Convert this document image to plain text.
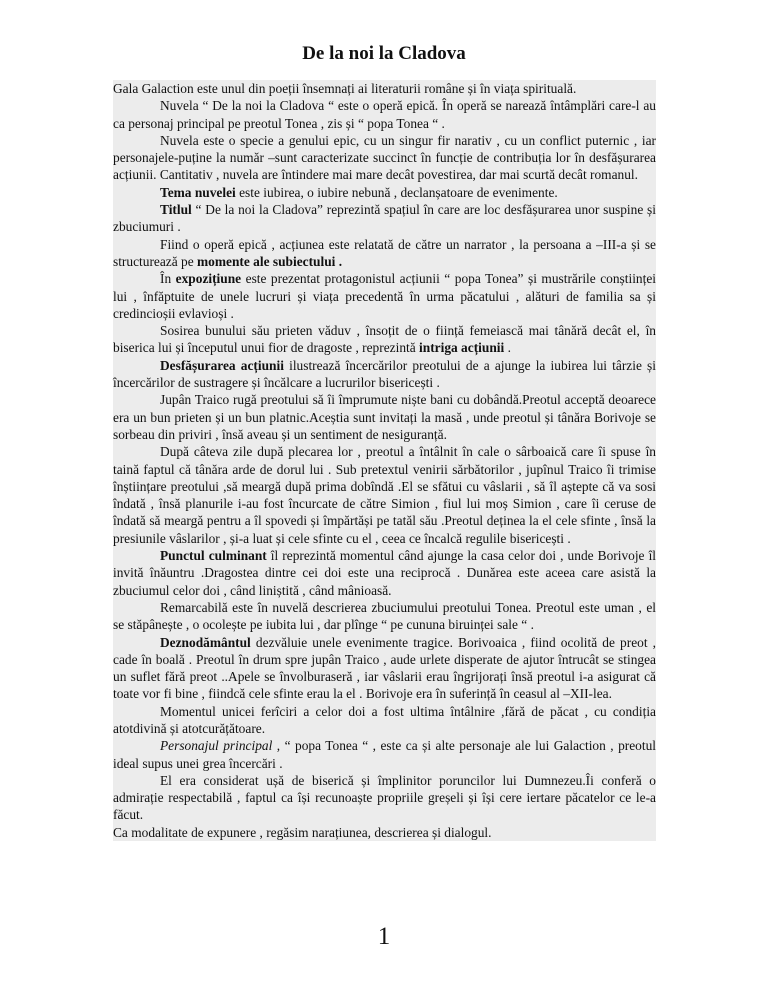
De la noi la Cladova

Gala Galaction este unul din poeții însemnați ai literaturii române și în viața spirituală.

Nuvela “ De la noi la Cladova “ este o operă epică. În operă se narează întâmplări care-l au ca personaj principal pe preotul Tonea , zis și “ popa Tonea “ .

Nuvela este o specie a genului epic, cu un singur fir narativ , cu un conflict puternic , iar personajele-puține la număr –sunt caracterizate succinct în funcție de contribuția lor în desfășurarea acțiunii. Cantitativ , nuvela are întindere mai mare decât povestirea, dar mai scurtă decât romanul.

Tema nuvelei este iubirea, o iubire nebună , declanșatoare de evenimente.

Titlul “ De la noi la Cladova” reprezintă spațiul în care are loc desfășurarea unor suspine și zbuciumuri .

Fiind o operă epică , acțiunea este relatată de către un narrator , la persoana a –III-a și se structurează pe momente ale subiectului .

În expozițiune este prezentat protagonistul acțiunii “ popa Tonea” și mustrările conștiinței lui , înfăptuite de unele lucruri și viața precedentă în urma păcatului , alături de familia sa și credincioșii evlavioși .

Sosirea bunului său prieten văduv , însoțit de o ființă femeiască mai tânără decât el, în biserica lui și începutul unui fior de dragoste , reprezintă intriga acțiunii .

Desfășurarea acțiunii ilustrează încercărilor preotului de a ajunge la iubirea lui târzie și încercărilor de sustragere și încălcare a lucrurilor bisericești .

Jupân Traico rugă preotului să îi împrumute niște bani cu dobândă.Preotul acceptă deoarece era un bun prieten și un bun platnic.Aceștia sunt invitați la masă , unde preotul și tânăra Borivoje se sorbeau din priviri , însă aveau și un sentiment de nesiguranță.

După câteva zile după plecarea lor , preotul a întâlnit în cale o sârboaică care îi spuse în taină faptul că tânăra arde de dorul lui . Sub pretextul venirii sărbătorilor , jupînul Traico îi trimise înștiințare preotului ,să meargă după prima dobîndă .El se sfătui cu vâslarii , să îl aștepte că va sosi îndată , însă planurile i-au fost încurcate de către Simion , fiul lui moș Simion , care îi ceruse de îndată să meargă pentru a îl spovedi și împărtăși pe tatăl său .Preotul deținea la el cele sfinte , însă la presiunile vâslarilor , și-a luat și cele sfinte cu el , ceea ce încalcă regulile bisericești .

Punctul culminant îl reprezintă momentul când ajunge la casa celor doi , unde Borivoje îl invită înăuntru .Dragostea dintre cei doi este una reciprocă . Dunărea este aceea care asistă la zbuciumul celor doi , când liniștită , când mânioasă.

Remarcabilă este în nuvelă descrierea zbuciumului preotului Tonea. Preotul este uman , el se stăpânește , o ocolește pe iubita lui , dar plînge “ pe cununa biruinței sale “ .

Deznodământul dezvăluie unele evenimente tragice. Borivoaica , fiind ocolită de preot , cade în boală . Preotul în drum spre jupân Traico , aude urlete disperate de ajutor întrucât se stingea un suflet fără preot ..Apele se învolburaseră , iar vâslarii erau îngrijorați însă preotul i-a asigurat că toate vor fi bine , fiindcă cele sfinte erau la el . Borivoje era în suferință în ceasul al –XII-lea.

Momentul unicei ferîciri a celor doi a fost ultima întâlnire ,fără de păcat , cu condiția atotdivină și atotcurățătoare.

Personajul principal , “ popa Tonea “ , este ca și alte personaje ale lui Galaction , preotul ideal supus unei grea încercări .

El era considerat ușă de biserică și împlinitor poruncilor lui Dumnezeu.Îi conferă o admirație respectabilă , faptul ca își recunoaște propriile greșeli și își cere iertare păcatelor ce le-a făcut.

Ca modalitate de expunere , regăsim narațiunea, descrierea și dialogul.

1
